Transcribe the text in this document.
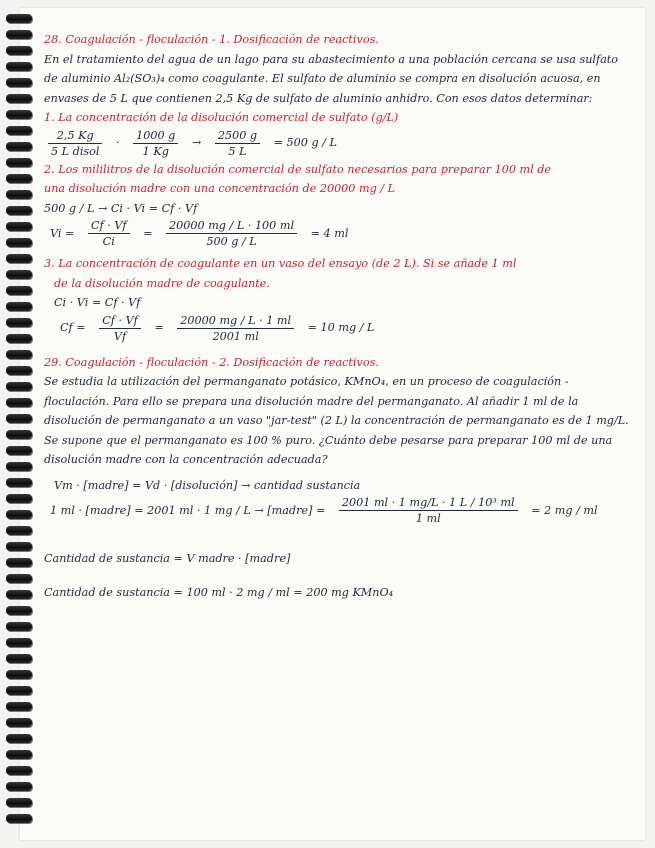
28. Coagulación - floculación - 1. Dosificación de reactivos.

En el tratamiento del agua de un lago para su abastecimiento a una población cercana se usa sulfato de aluminio Al₂(SO₃)₄ como coagulante. El sulfato de aluminio se compra en disolución acuosa, en envases de 5 L que contienen 2,5 Kg de sulfato de aluminio anhidro. Con esos datos determinar:

1. La concentración de la disolución comercial de sulfato (g/L)

$\frac{2,5 Kg}{\text{5 L disol}} \cdot \frac{1000 g}{1 Kg} \to \frac{2500 g}{5 L} = 500$ g / L

2. Los mililitros de la disolución comercial de sulfato necesarios para preparar 100 ml de

una disolución madre con una concentración de 20000 mg / L

500 g / L → Ci · Vi = Cf · Vf

$Vi = \frac{Cf \cdot Vf}{Ci} = \frac{20000 mg / L \cdot 100 ml}{500 g / L} = 4$ ml

3. La concentración de coagulante en un vaso del ensayo (de 2 L). Si se añade 1 ml

de la disolución madre de coagulante.

Ci · Vi = Cf · Vf

$Cf = \frac{Cf \cdot Vf}{Vf} = \frac{20000 mg / L \cdot 1 ml}{2001 ml} = 10$ mg / L

29. Coagulación - floculación - 2. Dosificación de reactivos.

Se estudia la utilización del permanganato potásico, KMnO₄, en un proceso de coagulación - floculación. Para ello se prepara una disolución madre del permanganato. Al añadir 1 ml de la disolución de permanganato a un vaso "jar-test" (2 L) la concentración de permanganato es de 1 mg/L. Se supone que el permanganato es 100 % puro. ¿Cuánto debe pesarse para preparar 100 ml de una disolución madre con la concentración adecuada?

Vm · [madre] = Vd · [disolución] → cantidad sustancia

1 ml · [madre] = 2001 ml · 1 mg / L → [madre] = $\frac{\text{2001 ml · 1 mg/L · 1 L / 10³ ml}}{1 ml} = 2$ mg / ml

Cantidad de sustancia = V madre · [madre]

Cantidad de sustancia = 100 ml · 2 mg / ml = 200 mg KMnO₄
